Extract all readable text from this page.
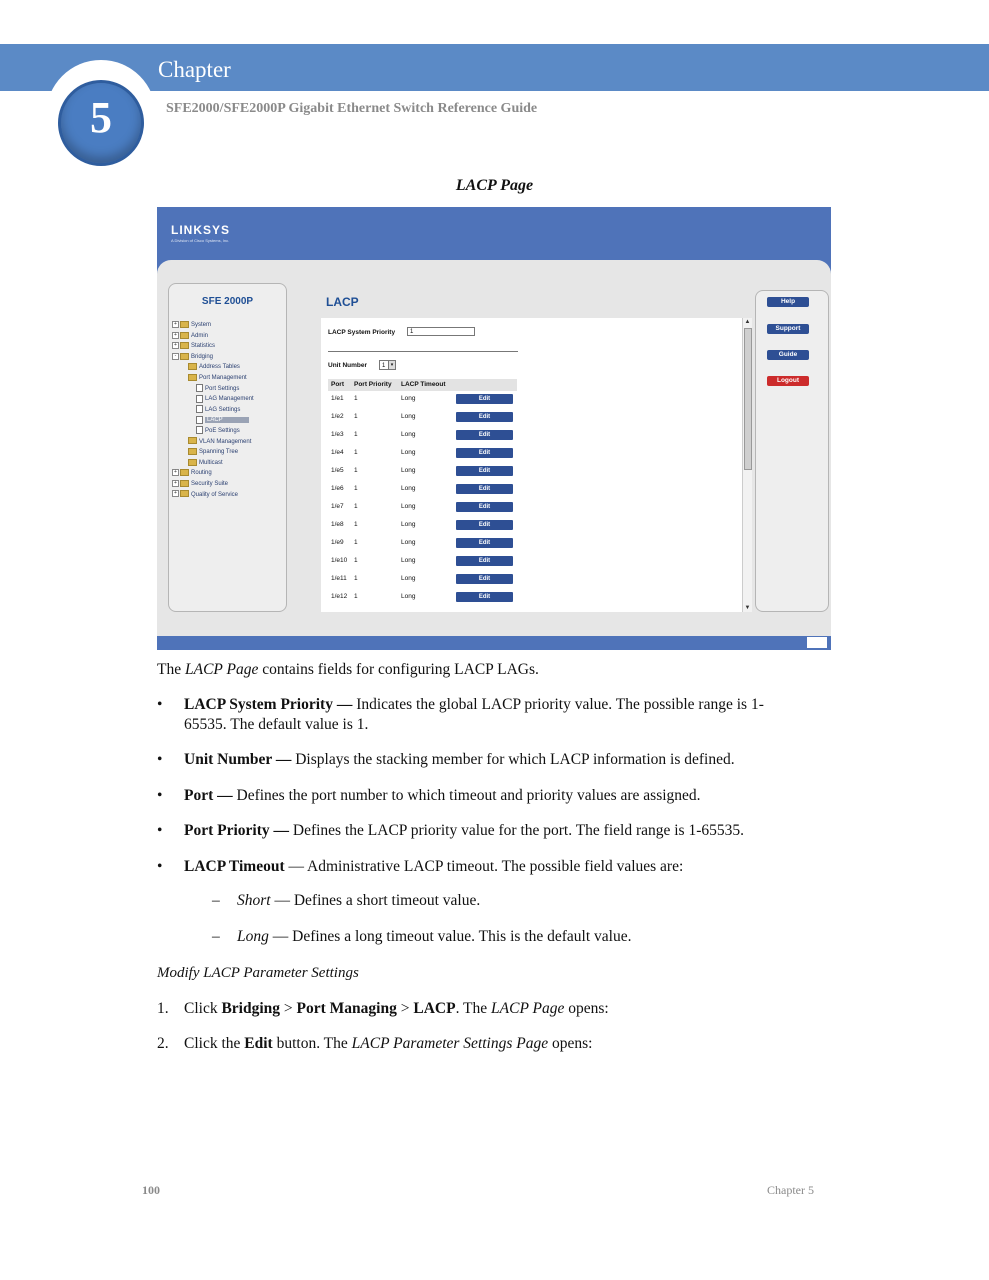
Chapter
5	SFE2000/SFE2000P Gigabit Ethernet Switch Reference Guide
LACP Page
LINKSYS
A Division of Cisco Systems, Inc.
SFE 2000P
+ System
+ Admin
+ Statistics
- Bridging
Address Tables
Port Management
Port Settings
LAG Management
LAG Settings
LACP
PoE Settings
VLAN Management
Spanning Tree
Multicast
+ Routing
+ Security Suite
+ Quality of Service
LACP
LACP System Priority	1
Unit Number	1	▾
Port Port Priority LACP Timeout
1/e1 1	Long	Edit
1/e2 1	Long	Edit
1/e3 1	Long	Edit
1/e4 1	Long	Edit
1/e5 1	Long	Edit
1/e6 1	Long	Edit
1/e7 1	Long	Edit
1/e8 1	Long	Edit
1/e9 1	Long	Edit
1/e10 1	Long	Edit
1/e11 1	Long	Edit
1/e12 1	Long	Edit
▲
▼
Help
Support
Guide
Logout
The LACP Page contains fields for configuring LACP LAGs.
• LACP System Priority — Indicates the global LACP priority value. The possible range is 1-
65535. The default value is 1.
• Unit Number — Displays the stacking member for which LACP information is defined.
• Port — Defines the port number to which timeout and priority values are assigned.
• Port Priority — Defines the LACP priority value for the port. The field range is 1-65535.
• LACP Timeout — Administrative LACP timeout. The possible field values are:
– Short — Defines a short timeout value.
– Long — Defines a long timeout value. This is the default value.
Modify LACP Parameter Settings
1. Click Bridging > Port Managing > LACP. The LACP Page opens:
2. Click the Edit button. The LACP Parameter Settings Page opens:
100	Chapter 5
